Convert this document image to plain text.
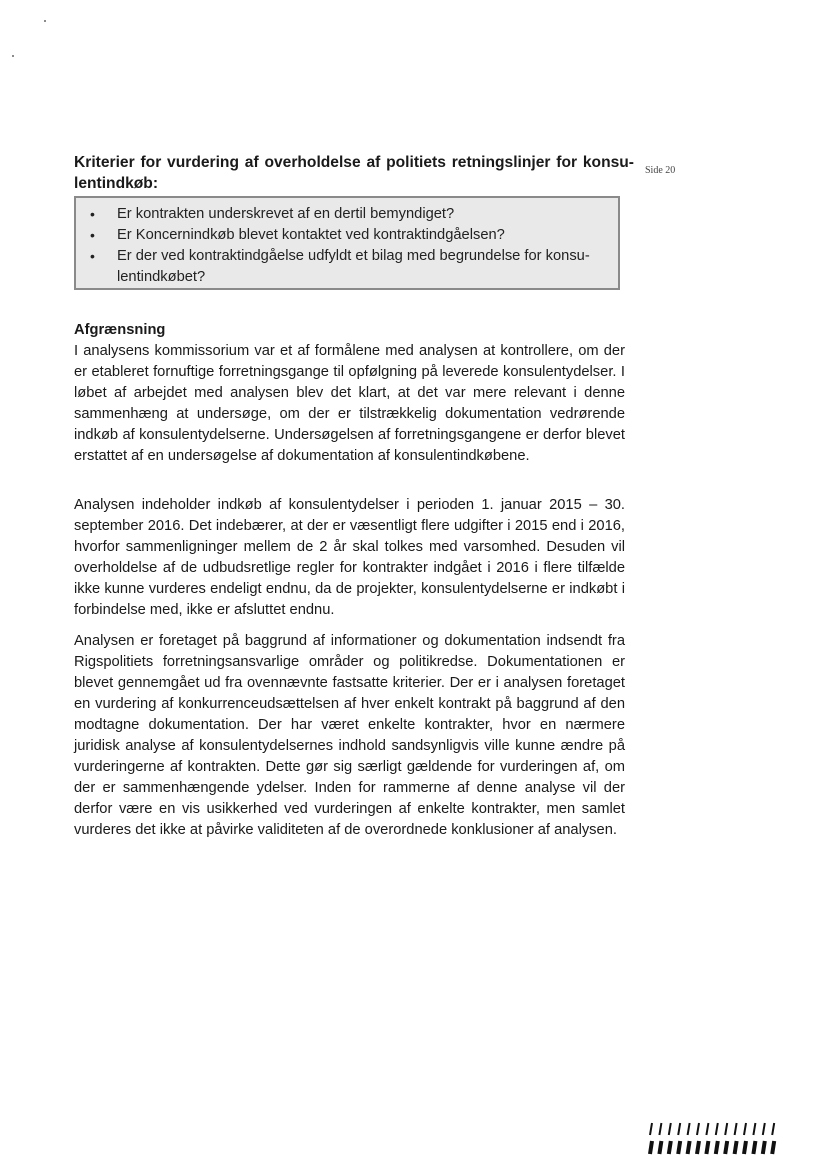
Kriterier for vurdering af overholdelse af politiets retningslinjer for konsulentindkøb:
Side 20
• Er kontrakten underskrevet af en dertil bemyndiget?
• Er Koncernindkøb blevet kontaktet ved kontraktindgåelsen?
• Er der ved kontraktindgåelse udfyldt et bilag med begrundelse for konsulentindkøbet?

Afgrænsning

I analysens kommissorium var et af formålene med analysen at kontrollere, om der er etableret fornuftige forretningsgange til opfølgning på leverede konsulentydelser. I løbet af arbejdet med analysen blev det klart, at det var mere relevant i denne sammenhæng at undersøge, om der er tilstrækkelig dokumentation vedrørende indkøb af konsulentydelserne. Undersøgelsen af forretningsgangene er derfor blevet erstattet af en undersøgelse af dokumentation af konsulentindkøbene.

Analysen indeholder indkøb af konsulentydelser i perioden 1. januar 2015 – 30. september 2016. Det indebærer, at der er væsentligt flere udgifter i 2015 end i 2016, hvorfor sammenligninger mellem de 2 år skal tolkes med varsomhed. Desuden vil overholdelse af de udbudsretlige regler for kontrakter indgået i 2016 i flere tilfælde ikke kunne vurderes endeligt endnu, da de projekter, konsulentydelserne er indkøbt i forbindelse med, ikke er afsluttet endnu.

Analysen er foretaget på baggrund af informationer og dokumentation indsendt fra Rigspolitiets forretningsansvarlige områder og politikredse. Dokumentationen er blevet gennemgået ud fra ovennævnte fastsatte kriterier. Der er i analysen foretaget en vurdering af konkurrenceudsættelsen af hver enkelt kontrakt på baggrund af den modtagne dokumentation. Der har været enkelte kontrakter, hvor en nærmere juridisk analyse af konsulentydelsernes indhold sandsynligvis ville kunne ændre på vurderingerne af kontrakten. Dette gør sig særligt gældende for vurderingen af, om der er sammenhængende ydelser. Inden for rammerne af denne analyse vil der derfor være en vis usikkerhed ved vurderingen af enkelte kontrakter, men samlet vurderes det ikke at påvirke validiteten af de overordnede konklusioner af analysen.
